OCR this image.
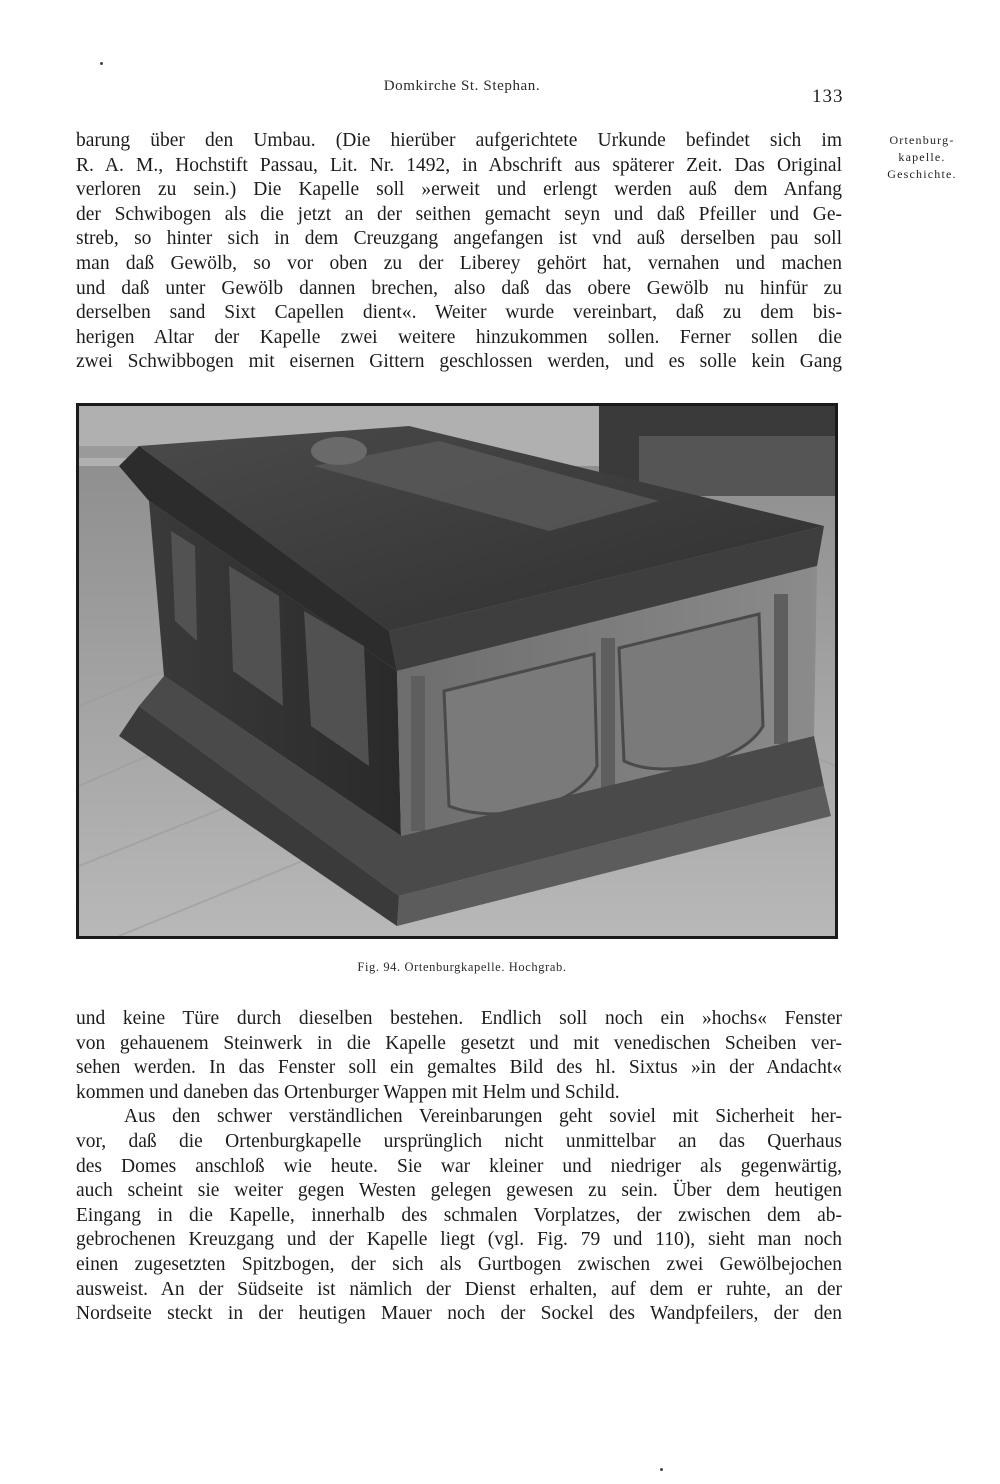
Domkirche St. Stephan.	133
Ortenburg-
kapelle.
Geschichte.
barung über den Umbau. (Die hierüber aufgerichtete Urkunde befindet sich im
R. A. M., Hochstift Passau, Lit. Nr. 1492, in Abschrift aus späterer Zeit. Das Original
verloren zu sein.) Die Kapelle soll »erweit und erlengt werden auß dem Anfang
der Schwibogen als die jetzt an der seithen gemacht seyn und daß Pfeiller und Ge-
streb, so hinter sich in dem Creuzgang angefangen ist vnd auß derselben pau soll
man daß Gewölb, so vor oben zu der Liberey gehört hat, vernahen und machen
und daß unter Gewölb dannen brechen, also daß das obere Gewölb nu hinfür zu
derselben sand Sixt Capellen dient«. Weiter wurde vereinbart, daß zu dem bis-
herigen Altar der Kapelle zwei weitere hinzukommen sollen. Ferner sollen die
zwei Schwibbogen mit eisernen Gittern geschlossen werden, und es solle kein Gang
Fig. 94. Ortenburgkapelle. Hochgrab.
und keine Türe durch dieselben bestehen. Endlich soll noch ein »hochs« Fenster
von gehauenem Steinwerk in die Kapelle gesetzt und mit venedischen Scheiben ver-
sehen werden. In das Fenster soll ein gemaltes Bild des hl. Sixtus »in der Andacht«
kommen und daneben das Ortenburger Wappen mit Helm und Schild.
Aus den schwer verständlichen Vereinbarungen geht soviel mit Sicherheit her-
vor, daß die Ortenburgkapelle ursprünglich nicht unmittelbar an das Querhaus
des Domes anschloß wie heute. Sie war kleiner und niedriger als gegenwärtig,
auch scheint sie weiter gegen Westen gelegen gewesen zu sein. Über dem heutigen
Eingang in die Kapelle, innerhalb des schmalen Vorplatzes, der zwischen dem ab-
gebrochenen Kreuzgang und der Kapelle liegt (vgl. Fig. 79 und 110), sieht man noch
einen zugesetzten Spitzbogen, der sich als Gurtbogen zwischen zwei Gewölbejochen
ausweist. An der Südseite ist nämlich der Dienst erhalten, auf dem er ruhte, an der
Nordseite steckt in der heutigen Mauer noch der Sockel des Wandpfeilers, der den
